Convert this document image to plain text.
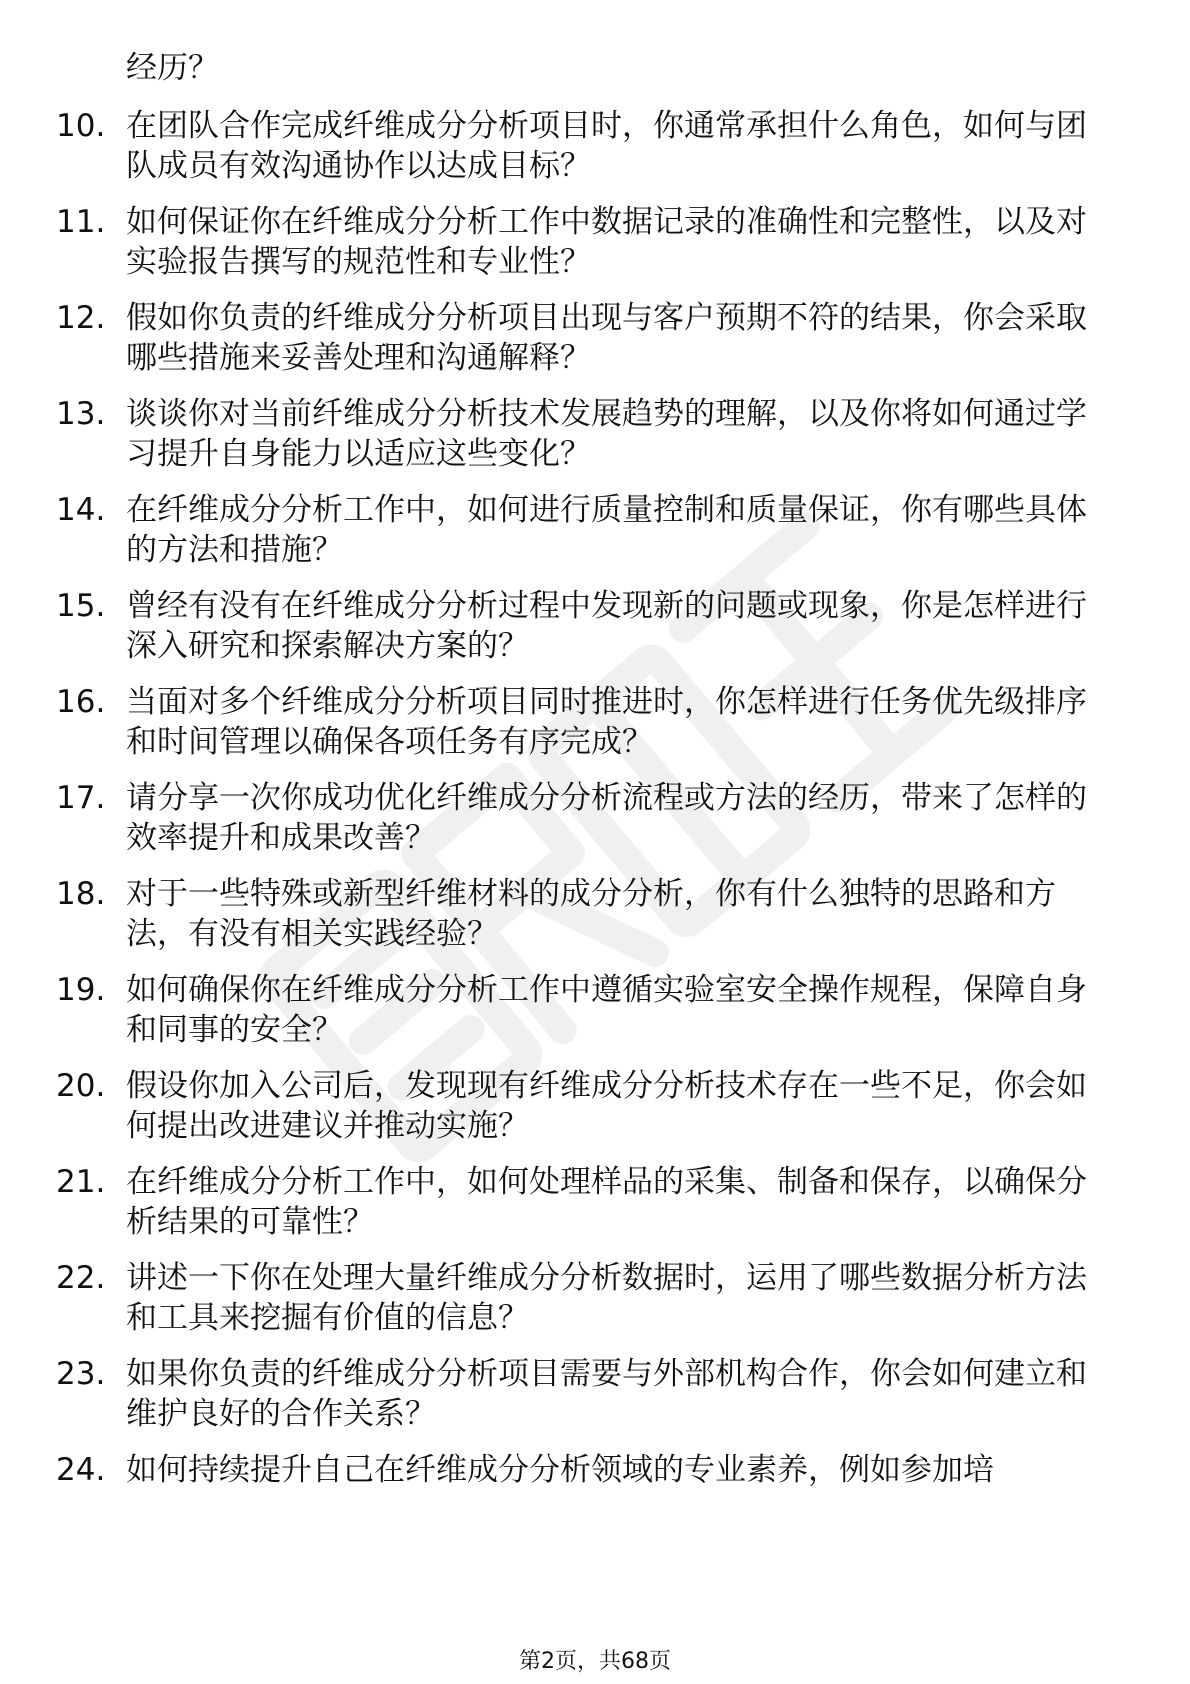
经历？
10. 在团队合作完成纤维成分分析项目时，你通常承担什么角色，如何与团队成员有效沟通协作以达成目标？
11. 如何保证你在纤维成分分析工作中数据记录的准确性和完整性，以及对实验报告撰写的规范性和专业性？
12. 假如你负责的纤维成分分析项目出现与客户预期不符的结果，你会采取哪些措施来妥善处理和沟通解释？
13. 谈谈你对当前纤维成分分析技术发展趋势的理解，以及你将如何通过学习提升自身能力以适应这些变化？
14. 在纤维成分分析工作中，如何进行质量控制和质量保证，你有哪些具体的方法和措施？
15. 曾经有没有在纤维成分分析过程中发现新的问题或现象，你是怎样进行深入研究和探索解决方案的？
16. 当面对多个纤维成分分析项目同时推进时，你怎样进行任务优先级排序和时间管理以确保各项任务有序完成？
17. 请分享一次你成功优化纤维成分分析流程或方法的经历，带来了怎样的效率提升和成果改善？
18. 对于一些特殊或新型纤维材料的成分分析，你有什么独特的思路和方法，有没有相关实践经验？
19. 如何确保你在纤维成分分析工作中遵循实验室安全操作规程，保障自身和同事的安全？
20. 假设你加入公司后，发现现有纤维成分分析技术存在一些不足，你会如何提出改进建议并推动实施？
21. 在纤维成分分析工作中，如何处理样品的采集、制备和保存，以确保分析结果的可靠性？
22. 讲述一下你在处理大量纤维成分分析数据时，运用了哪些数据分析方法和工具来挖掘有价值的信息？
23. 如果你负责的纤维成分分析项目需要与外部机构合作，你会如何建立和维护良好的合作关系？
24. 如何持续提升自己在纤维成分分析领域的专业素养，例如参加培
第2页，共68页
